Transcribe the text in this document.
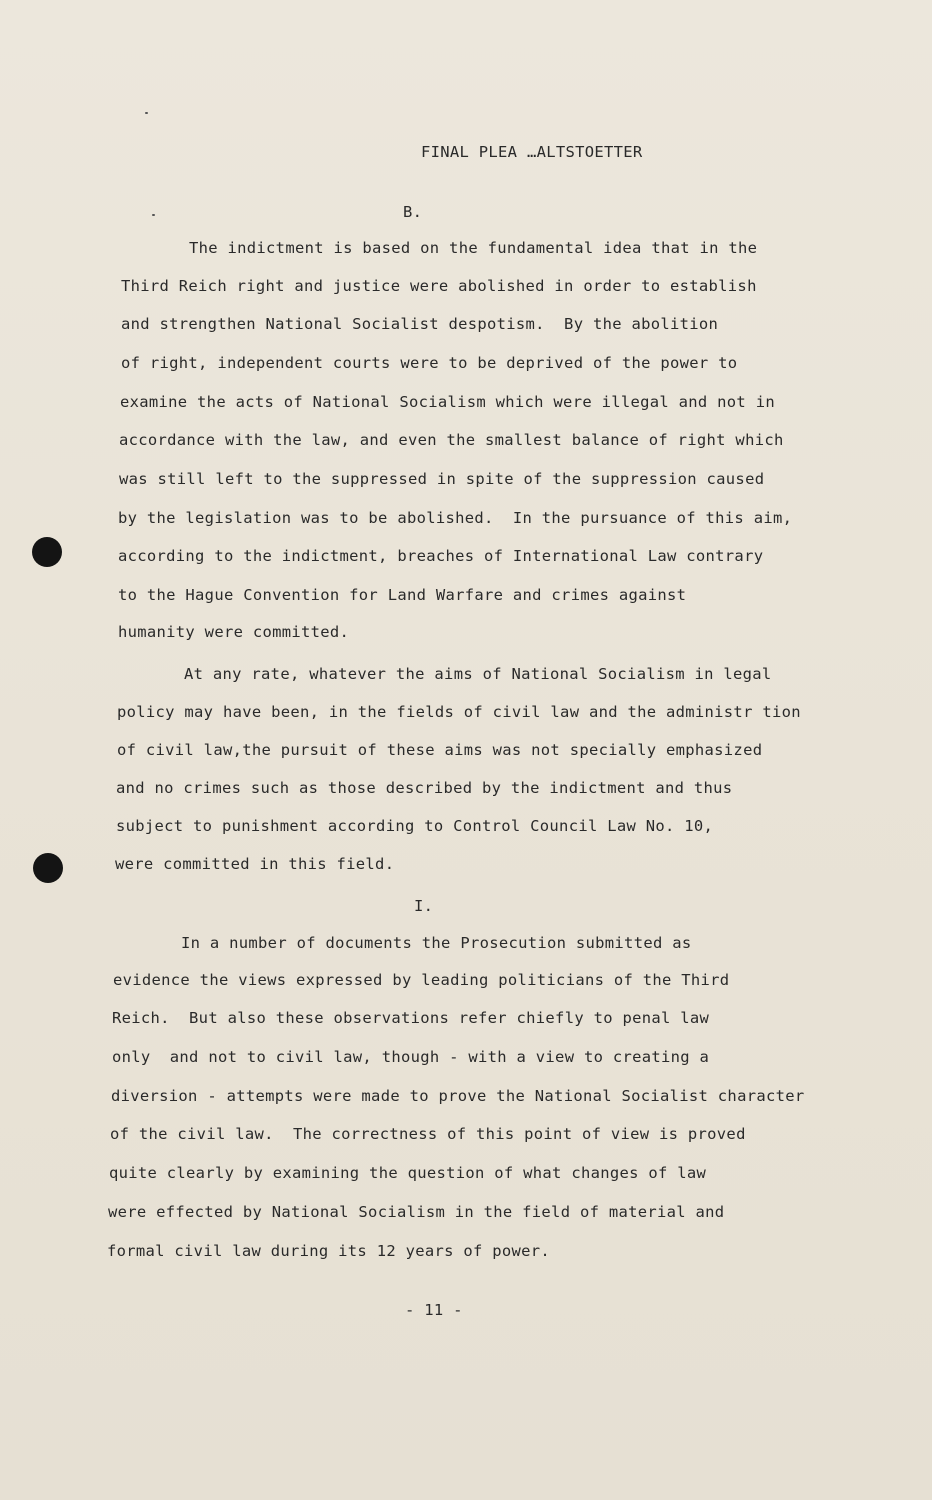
FINAL PLEA …ALTSTOETTER
B.
The indictment is based on the fundamental idea that in the
Third Reich right and justice were abolished in order to establish
and strengthen National Socialist despotism.  By the abolition
of right, independent courts were to be deprived of the power to
examine the acts of National Socialism which were illegal and not in
accordance with the law, and even the smallest balance of right which
was still left to the suppressed in spite of the suppression caused
by the legislation was to be abolished.  In the pursuance of this aim,
according to the indictment, breaches of International Law contrary
to the Hague Convention for Land Warfare and crimes against
humanity were committed.
At any rate, whatever the aims of National Socialism in legal
policy may have been, in the fields of civil law and the administr tion
of civil law,the pursuit of these aims was not specially emphasized
and no crimes such as those described by the indictment and thus
subject to punishment according to Control Council Law No. 10,
were committed in this field.
I.
In a number of documents the Prosecution submitted as
evidence the views expressed by leading politicians of the Third
Reich.  But also these observations refer chiefly to penal law
only  and not to civil law, though - with a view to creating a
diversion - attempts were made to prove the National Socialist character
of the civil law.  The correctness of this point of view is proved
quite clearly by examining the question of what changes of law
were effected by National Socialism in the field of material and
formal civil law during its 12 years of power.
- 11 -
